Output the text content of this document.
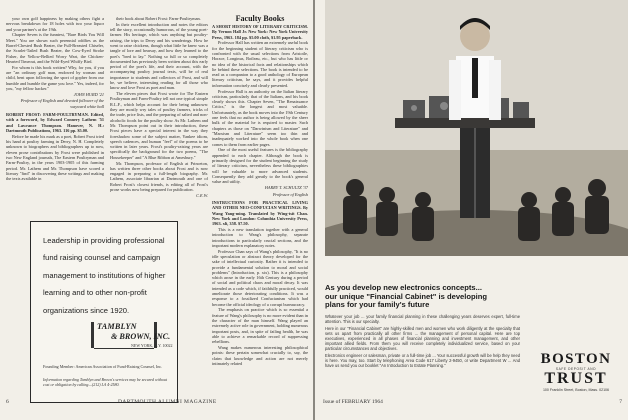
your own golf happiness by making others fight a nervous breakdown for 18 holes with two your liquor and your partner's at the 19th.

Chapter Seven is the funniest, "Rare Birds You Will Meet." You are shown such perennial oddfies as the Barrel-Chested Bush Beater, the Full-Breasted Chiseler, the Scarlet-Tailed Bush Beater, the Cow-Eyed Stroke Fisher, the Yellow-Bellied Worry Wart, the Chicken-Hearted Timeout, and the Wild-Eyed Whiffy Bird.

For whom is this book written? Why, for you, if you are "an ordinary golf man, endowed by woman and child, bent upon following the sport of gopher from our humble and humble the game you love." Yes, indeed, for you, "my fellow hacker."

JOHN HURD '21

Professor of English and devoted follower of the wayward white ball

ROBERT FROST: FARM-POULTRYMAN. Edited, with a foreword, by Edward Connery Lathem '51 and Lawrance Thompson. Hanover, N. H.: Dartmouth Publications, 1963. 116 pp. $5.00.

Before he made his mark as a poet, Robert Frost tried his hand at poultry farming in Derry, N. H. Completely unknown to biographers and bibliographers up to now, eleven prose contributions by Frost were published in two New England journals, The Eastern Poultryman and Farm-Poultry, in the years 1903-1905 of this farming period. Mr. Lathem and Mr. Thompson have scored a literary "find" in discovering these writings and making the texts available in

their book about Robert Frost: Farm-Poultryman.

In their excellent introduction and notes the editors tell the story, occasionally humorous, of the young poet-farmer. His heritage, which was anything but poultry-raising, the trips to Derry and his wanderings. How he went to raise chickens, though what little he knew was a tangle of lore and hearsay, and how they learned to the poet's "bred to lay." Nothing so full or so completely documented has previously been written about this early period of the poet's life, and their account, with the accompanying poultry journal texts, will be of real importance to students and collectors of Frost, and will be, we believe, interesting reading for all those who know and love Frost as poet and man.

The eleven pieces that Frost wrote for The Eastern Poultryman and Farm-Poultry tell not one typical simple R.L.F., which helps account for their being unknown: they are mostly wry tales of poultry farmers, tricks of the trade, price lists, and the preparing of salted and non-alcoholic foods for the poultry show. As Mr. Lathem and Mr. Thompson point out in their introduction, these Frost pieces have a special interest in the way they foreshadow some of the subject matter, Yankee idiom, speech cadences, and human "feel" of the poems to be written in later years. Frost's poultry-raising years are specifically the background for the two poems, "The Housekeeper" and "A Blue Ribbon at Amesbury."

Mr. Thompson, professor of English at Princeton, has written three other books about Frost and is now engaged in preparing a full-length biography. Mr. Lathem, associate librarian at Dartmouth and one of Robert Frost's closest friends, is editing all of Frost's prose works now being prepared for publication.

C.E.W.

Faculty Books

A SHORT HISTORY OF LITERARY CRITICISM. By Vernon Hall Jr. New York: New York University Press, 1963. 184 pp. $5.00 cloth, $1.95 paperback.

Professor Hall has written an extremely useful book for the beginning student of literary criticism who is confronted with the usual selections from Aristotle, Horace, Longinus, Boileau, etc., but who has little or no idea of the historical facts and relationships which lie behind these selections. The book is intended to be read as a companion to a good anthology of European literary criticism, he says, and it provides helpful information concisely and clearly presented.

Professor Hall is an authority on the Italian literary criticism, particularly that of the Italians, and his book clearly shows this. Chapter Seven, "The Renaissance Critics," is the longest and most valuable. Unfortunately, as the book moves into the 19th Century one feels that no author is being allowed by the sheer bulk of the material he is required to master. Such chapters as those on "Darwinism and Literature" and "Marxism and Literature" seem too thin and inadequately worked into the whole book when one comes to them from earlier pages.

One of the most useful features is the bibliography appended to each chapter. Although the book is primarily designed for the student beginning the study of literary criticism, nevertheless these bibliographies will be valuable to more advanced students. Consequently they add greatly to the book's general value and utility.

HARRY T. SCHULTZ '37

Professor of English

INSTRUCTIONS FOR PRACTICAL LIVING AND OTHER NEO-CONFUCIAN WRITINGS. By Wang Yang-ming. Translated by Wing-tsit Chan. New York and London: Columbia University Press, 1963. xli, 358. $7.50.

This is a new translation together with a general introduction to Wang's philosophy, separate introductions to particularly crucial sections, and the important modern explanatory notes.

Professor Chan says of Wang's philosophy, "It is no idle speculation or abstract theory developed for the sake of intellectual curiosity. Rather it is intended to provide a fundamental solution to moral and social problems" (Introduction, p. xix). This is a philosophy which arose in the early 16th Century during a period of social and political chaos and moral decay. It was intended as a code which, if faithfully practiced, would ameliorate those deteriorating conditions. It was a response to a fossilized Confucianism which had become the official ideology of a corrupt bureaucracy.

The emphasis on practice which is so essential a feature of Wang's philosophy is no more evident than in the character of the man himself. Wang played an extremely active role in government, holding numerous important posts, and, in spite of failing health, he was able to achieve a remarkable record of suppressing rebellions.

Wang makes numerous interesting philosophical points: these pertain somewhat crucially to, say, the claim that knowledge and action are not merely intimately related

Leadership in providing professional fund raising counsel and campaign management to institutions of higher learning and to other non-profit organizations since 1920.
TAMBLYN
& BROWN, INC.
NEW YORK, N.Y. 10022
Founding Member: American Association of Fund-Raising Counsel, Inc.
Information regarding Tamblyn and Brown's services may be secured without cost or obligation by calling—(212) LA 4-2580.
6	DARTMOUTH ALUMNI MAGAZINE
As you develop new electronics concepts... our unique "Financial Cabinet" is developing plans for your family's future

Whatever your job ... your family financial planning in these challenging years deserves expert, full-time attention. This is our specialty.

Here in our "Financial Cabinet" are highly-skilled men and women who work diligently at the specialty that sets us apart from practically all other firms ... the management of personal capital. Here are top executives, experienced in all phases of financial planning and investment management, and other important allied fields. From them you will receive completely individualized service, based on your particular circumstances and objectives.

Electronics engineer or salesman, private or a full-time job ... Your successful growth will be help they need is here. You may, too. Start by telephoning Area Code 617 Liberty 2-9450, or write Department W ... And have us send you our booklet "An Introduction to Estate Planning."	BOSTON
SAFE DEPOSIT AND
TRUST
100 Franklin Street, Boston, Mass. 02106
Issue of FEBRUARY 1964	7
